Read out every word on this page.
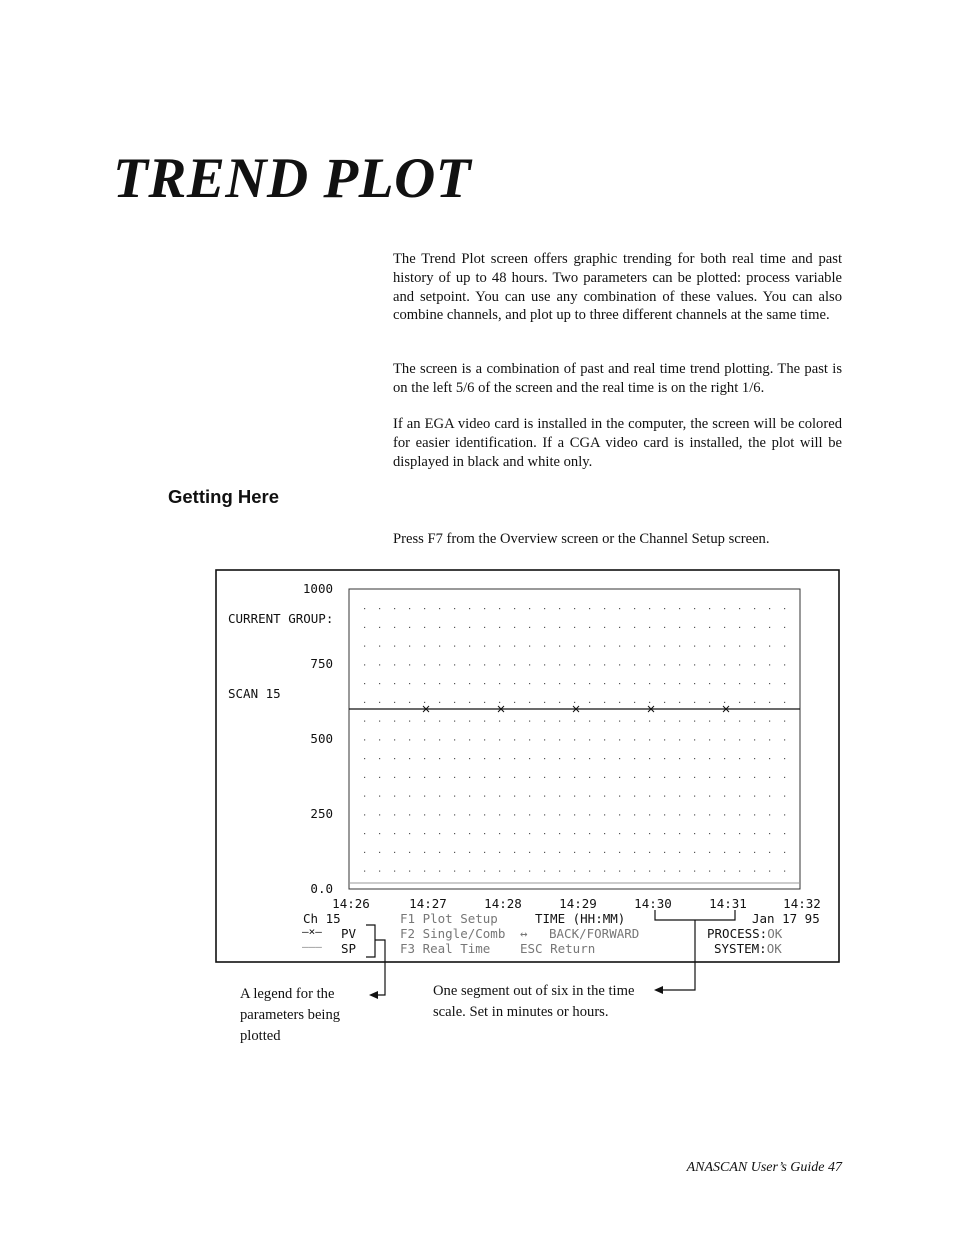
TREND PLOT

The Trend Plot screen offers graphic trending for both real time and past history of up to 48 hours. Two parameters can be plotted: process variable and setpoint. You can use any combination of these values. You can also combine channels, and plot up to three different channels at the same time.

The screen is a combination of past and real time trend plotting. The past is on the left 5/6 of the screen and the real time is on the right 1/6.

If an EGA video card is installed in the computer, the screen will be colored for easier identification. If a CGA video card is installed, the plot will be displayed in black and white only.

Getting Here

Press F7 from the Overview screen or the Channel Setup screen.

1000
750
500
250
0.0
14:26	14:27	14:28	14:29	14:30	14:31	14:32
CURRENT GROUP:
SCAN 15
Ch 15
—×— PV
——— SP
F1 Plot Setup
F2 Single/Comb
F3 Real Time
↔ BACK/FORWARD
ESC Return
TIME (HH:MM)	Jan 17 95
PROCESS:OK
SYSTEM:OK
A legend for the parameters being plotted
One segment out of six in the time scale. Set in minutes or hours.
ANASCAN User’s Guide 47
